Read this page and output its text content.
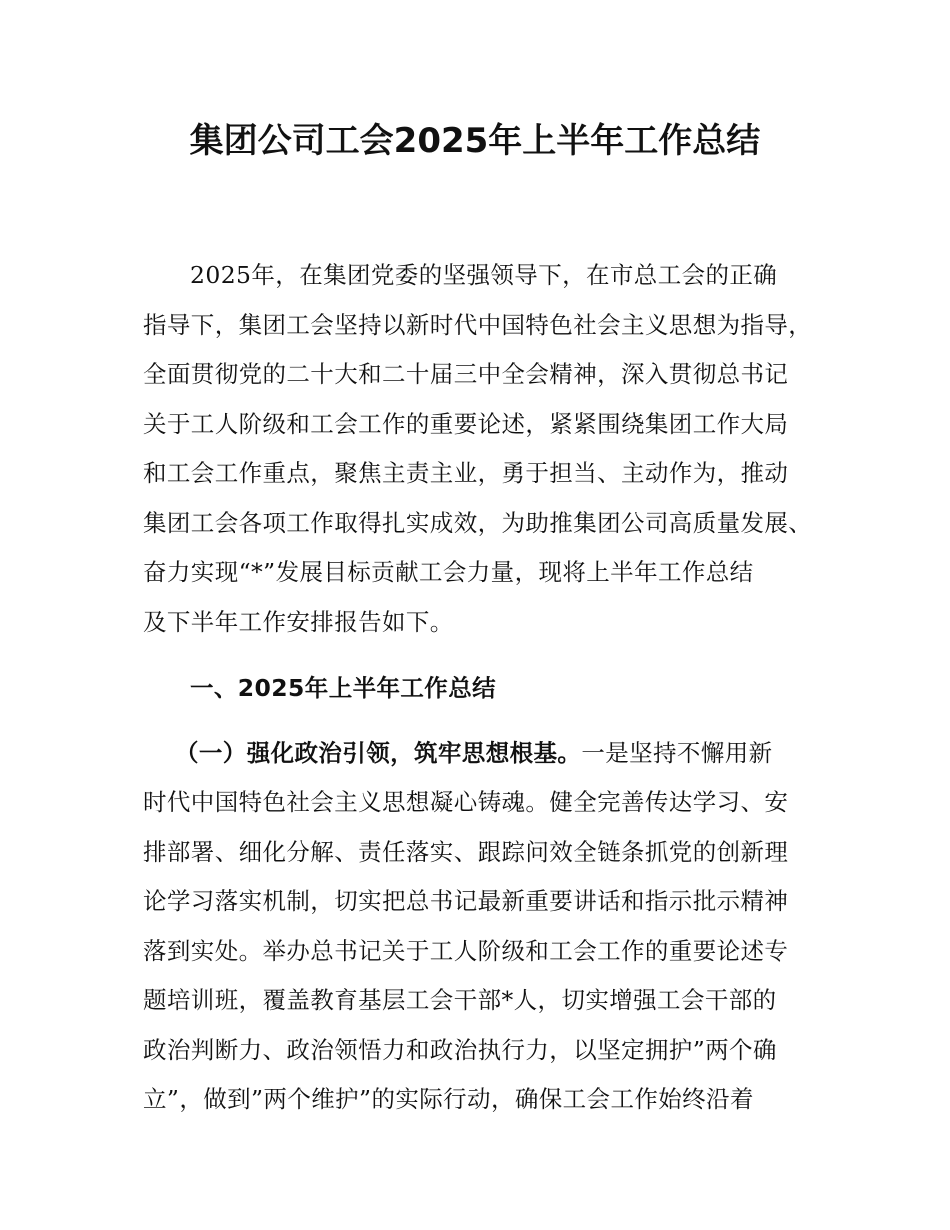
集团公司工会2025年上半年工作总结
2025年，在集团党委的坚强领导下，在市总工会的正确
指导下，集团工会坚持以新时代中国特色社会主义思想为指导，
全面贯彻党的二十大和二十届三中全会精神，深入贯彻总书记
关于工人阶级和工会工作的重要论述，紧紧围绕集团工作大局
和工会工作重点，聚焦主责主业，勇于担当、主动作为，推动
集团工会各项工作取得扎实成效，为助推集团公司高质量发展、
奋力实现“*”发展目标贡献工会力量，现将上半年工作总结
及下半年工作安排报告如下。
一、2025年上半年工作总结
（一）强化政治引领，筑牢思想根基。一是坚持不懈用新
时代中国特色社会主义思想凝心铸魂。健全完善传达学习、安
排部署、细化分解、责任落实、跟踪问效全链条抓党的创新理
论学习落实机制，切实把总书记最新重要讲话和指示批示精神
落到实处。举办总书记关于工人阶级和工会工作的重要论述专
题培训班，覆盖教育基层工会干部*人，切实增强工会干部的
政治判断力、政治领悟力和政治执行力，以坚定拥护”两个确
立”，做到”两个维护”的实际行动，确保工会工作始终沿着
